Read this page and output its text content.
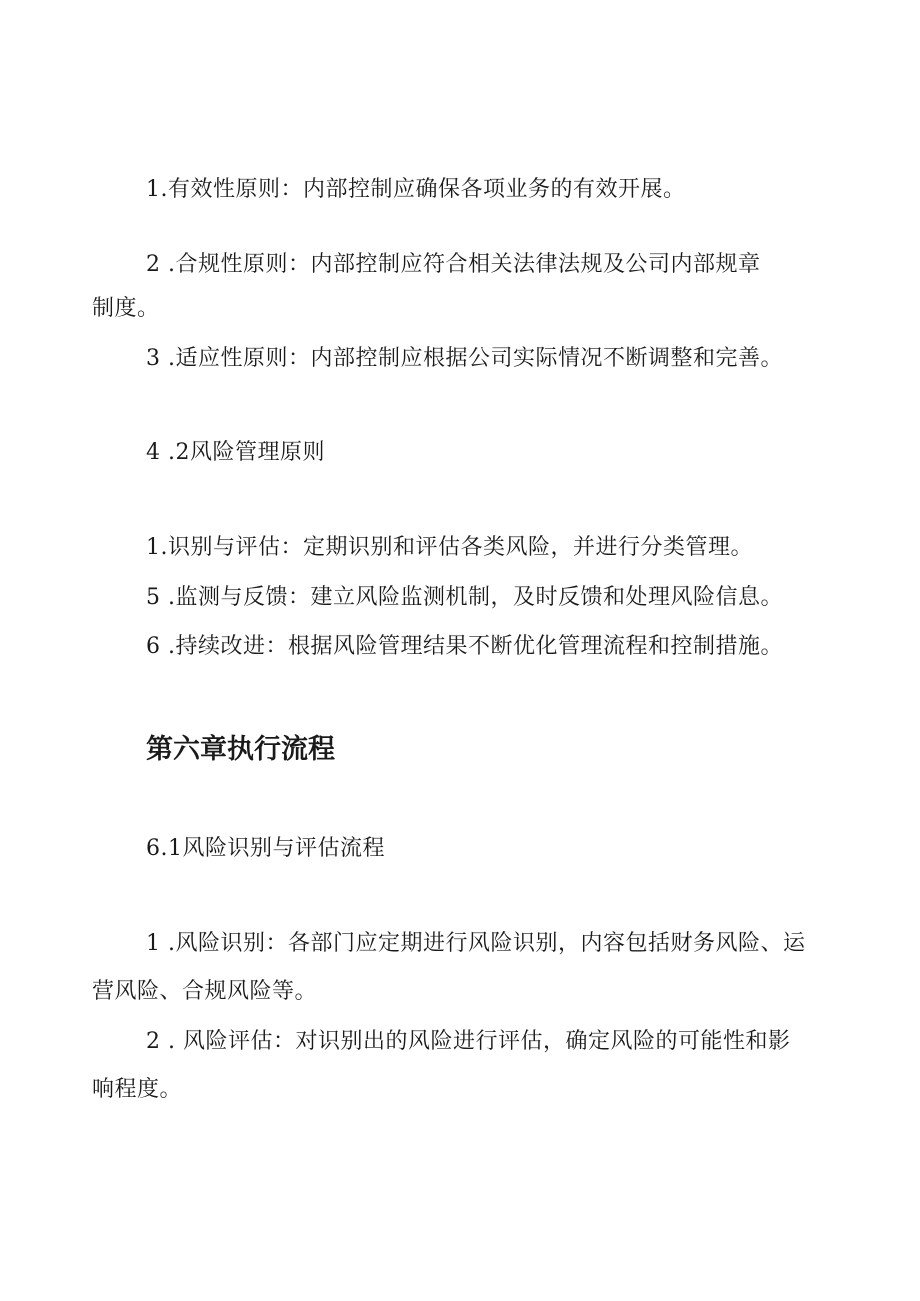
1.有效性原则：内部控制应确保各项业务的有效开展。
2 .合规性原则：内部控制应符合相关法律法规及公司内部规章
制度。
3 .适应性原则：内部控制应根据公司实际情况不断调整和完善。
4 .2风险管理原则
1.识别与评估：定期识别和评估各类风险，并进行分类管理。
5 .监测与反馈：建立风险监测机制，及时反馈和处理风险信息。
6 .持续改进：根据风险管理结果不断优化管理流程和控制措施。
第六章执行流程
6.1风险识别与评估流程
1 .风险识别：各部门应定期进行风险识别，内容包括财务风险、运
营风险、合规风险等。
2 . 风险评估：对识别出的风险进行评估，确定风险的可能性和影
响程度。
